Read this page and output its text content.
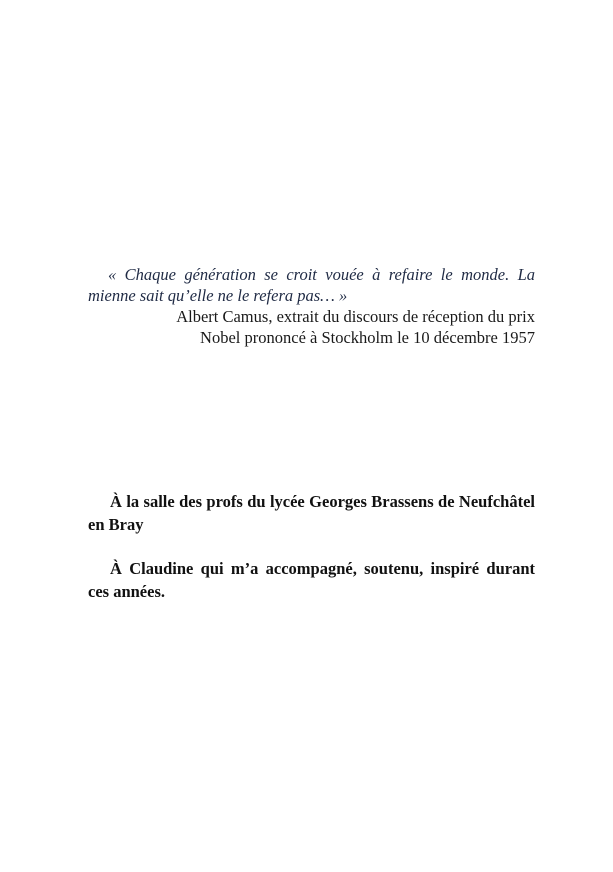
« Chaque génération se croit vouée à refaire le monde. La mienne sait qu’elle ne le refera pas… »

Albert Camus, extrait du discours de réception du prix
Nobel prononcé à Stockholm le 10 décembre 1957

À la salle des profs du lycée Georges Brassens de Neufchâtel en Bray

À Claudine qui m’a accompagné, soutenu, inspiré durant ces années.
